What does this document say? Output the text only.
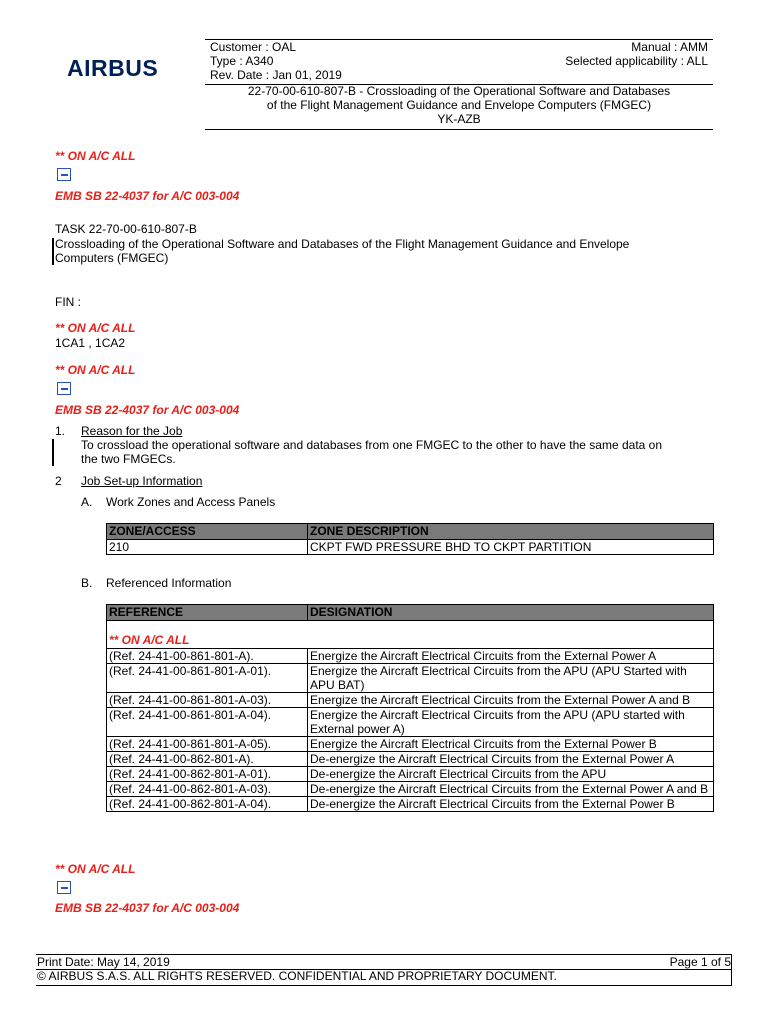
AIRBUS
Customer : OAL	Manual : AMM
Type : A340	Selected applicability : ALL
Rev. Date : Jan 01, 2019
22-70-00-610-807-B - Crossloading of the Operational Software and Databases
of the Flight Management Guidance and Envelope Computers (FMGEC)
YK-AZB
** ON A/C ALL
EMB SB 22-4037 for A/C 003-004
TASK 22-70-00-610-807-B
Crossloading of the Operational Software and Databases of the Flight Management Guidance and Envelope
Computers (FMGEC)
FIN :
** ON A/C ALL
1CA1 , 1CA2
** ON A/C ALL
EMB SB 22-4037 for A/C 003-004
1. Reason for the Job
To crossload the operational software and databases from one FMGEC to the other to have the same data on
the two FMGECs.
2 Job Set-up Information
A. Work Zones and Access Panels
ZONE/ACCESS	ZONE DESCRIPTION
210	CKPT FWD PRESSURE BHD TO CKPT PARTITION
B. Referenced Information
REFERENCE	DESIGNATION
** ON A/C ALL	
(Ref. 24-41-00-861-801-A).	Energize the Aircraft Electrical Circuits from the External Power A
(Ref. 24-41-00-861-801-A-01).	Energize the Aircraft Electrical Circuits from the APU (APU Started with APU BAT)
(Ref. 24-41-00-861-801-A-03).	Energize the Aircraft Electrical Circuits from the External Power A and B
(Ref. 24-41-00-861-801-A-04).	Energize the Aircraft Electrical Circuits from the APU (APU started with External power A)
(Ref. 24-41-00-861-801-A-05).	Energize the Aircraft Electrical Circuits from the External Power B
(Ref. 24-41-00-862-801-A).	De-energize the Aircraft Electrical Circuits from the External Power A
(Ref. 24-41-00-862-801-A-01).	De-energize the Aircraft Electrical Circuits from the APU
(Ref. 24-41-00-862-801-A-03).	De-energize the Aircraft Electrical Circuits from the External Power A and B
(Ref. 24-41-00-862-801-A-04).	De-energize the Aircraft Electrical Circuits from the External Power B
** ON A/C ALL
EMB SB 22-4037 for A/C 003-004
Print Date: May 14, 2019	Page 1 of 5
© AIRBUS S.A.S. ALL RIGHTS RESERVED. CONFIDENTIAL AND PROPRIETARY DOCUMENT.
